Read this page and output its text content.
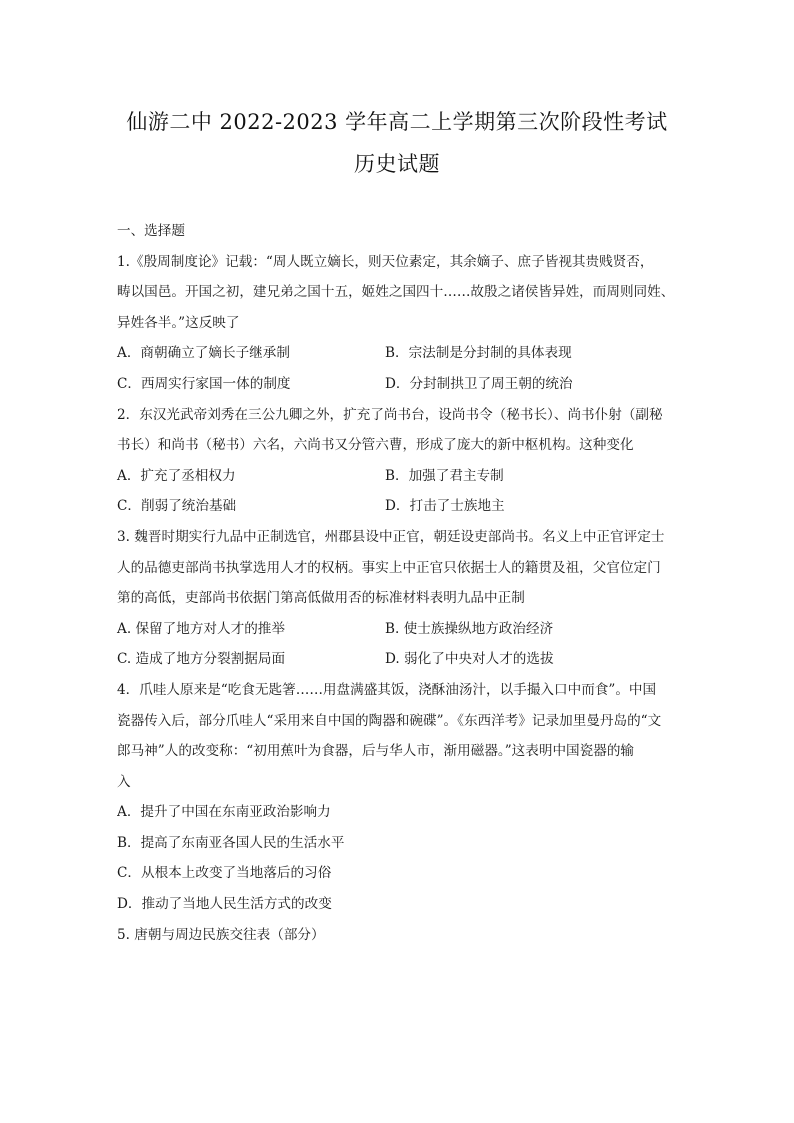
仙游二中 2022-2023 学年高二上学期第三次阶段性考试
历史试题
一、选择题
1.《殷周制度论》记载：“周人既立嫡长，则天位素定，其余嫡子、庶子皆视其贵贱贤否，
畴以国邑。开国之初，建兄弟之国十五，姬姓之国四十……故殷之诸侯皆异姓，而周则同姓、
异姓各半。”这反映了
A．商朝确立了嫡长子继承制	B．宗法制是分封制的具体表现
C．西周实行家国一体的制度	D．分封制拱卫了周王朝的统治
2．东汉光武帝刘秀在三公九卿之外，扩充了尚书台，设尚书令（秘书长）、尚书仆射（副秘
书长）和尚书（秘书）六名，六尚书又分管六曹，形成了庞大的新中枢机构。这种变化
A．扩充了丞相权力	B．加强了君主专制
C．削弱了统治基础	D．打击了士族地主
3. 魏晋时期实行九品中正制选官，州郡县设中正官，朝廷设吏部尚书。名义上中正官评定士
人的品德吏部尚书执掌选用人才的权柄。事实上中正官只依据士人的籍贯及祖，父官位定门
第的高低，吏部尚书依据门第高低做用否的标准材料表明九品中正制
A. 保留了地方对人才的推举	B. 使士族操纵地方政治经济
C. 造成了地方分裂割据局面	D. 弱化了中央对人才的选拔
4．爪哇人原来是“吃食无匙箸……用盘满盛其饭，浇酥油汤汁，以手撮入口中而食”。中国
瓷器传入后，部分爪哇人“采用来自中国的陶器和碗碟”。《东西洋考》记录加里曼丹岛的“文
郎马神”人的改变称：“初用蕉叶为食器，后与华人市，渐用磁器。”这表明中国瓷器的输
入
A．提升了中国在东南亚政治影响力
B．提高了东南亚各国人民的生活水平
C．从根本上改变了当地落后的习俗
D．推动了当地人民生活方式的改变
5. 唐朝与周边民族交往表（部分）
